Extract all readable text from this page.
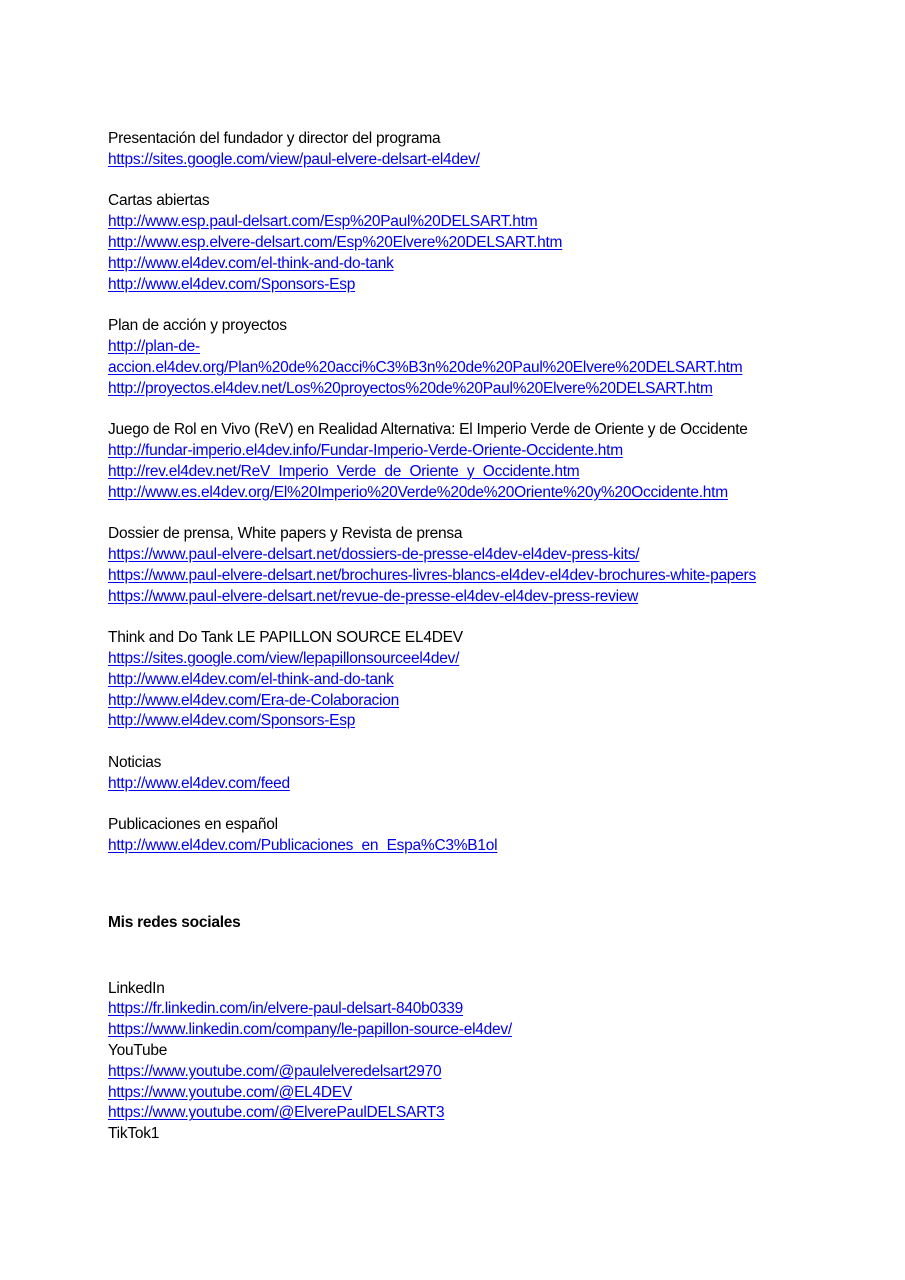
Presentación del fundador y director del programa
https://sites.google.com/view/paul-elvere-delsart-el4dev/
Cartas abiertas
http://www.esp.paul-delsart.com/Esp%20Paul%20DELSART.htm
http://www.esp.elvere-delsart.com/Esp%20Elvere%20DELSART.htm
http://www.el4dev.com/el-think-and-do-tank
http://www.el4dev.com/Sponsors-Esp
Plan de acción y proyectos
http://plan-de-
accion.el4dev.org/Plan%20de%20acci%C3%B3n%20de%20Paul%20Elvere%20DELSART.htm
http://proyectos.el4dev.net/Los%20proyectos%20de%20Paul%20Elvere%20DELSART.htm
Juego de Rol en Vivo (ReV) en Realidad Alternativa: El Imperio Verde de Oriente y de Occidente
http://fundar-imperio.el4dev.info/Fundar-Imperio-Verde-Oriente-Occidente.htm
http://rev.el4dev.net/ReV_Imperio_Verde_de_Oriente_y_Occidente.htm
http://www.es.el4dev.org/El%20Imperio%20Verde%20de%20Oriente%20y%20Occidente.htm
Dossier de prensa, White papers y Revista de prensa
https://www.paul-elvere-delsart.net/dossiers-de-presse-el4dev-el4dev-press-kits/
https://www.paul-elvere-delsart.net/brochures-livres-blancs-el4dev-el4dev-brochures-white-papers
https://www.paul-elvere-delsart.net/revue-de-presse-el4dev-el4dev-press-review
Think and Do Tank LE PAPILLON SOURCE EL4DEV
https://sites.google.com/view/lepapillonsourceel4dev/
http://www.el4dev.com/el-think-and-do-tank
http://www.el4dev.com/Era-de-Colaboracion
http://www.el4dev.com/Sponsors-Esp
Noticias
http://www.el4dev.com/feed
Publicaciones en español
http://www.el4dev.com/Publicaciones_en_Espa%C3%B1ol
Mis redes sociales
LinkedIn
https://fr.linkedin.com/in/elvere-paul-delsart-840b0339
https://www.linkedin.com/company/le-papillon-source-el4dev/
YouTube
https://www.youtube.com/@paulelveredelsart2970
https://www.youtube.com/@EL4DEV
https://www.youtube.com/@ElverePaulDELSART3
TikTok1
